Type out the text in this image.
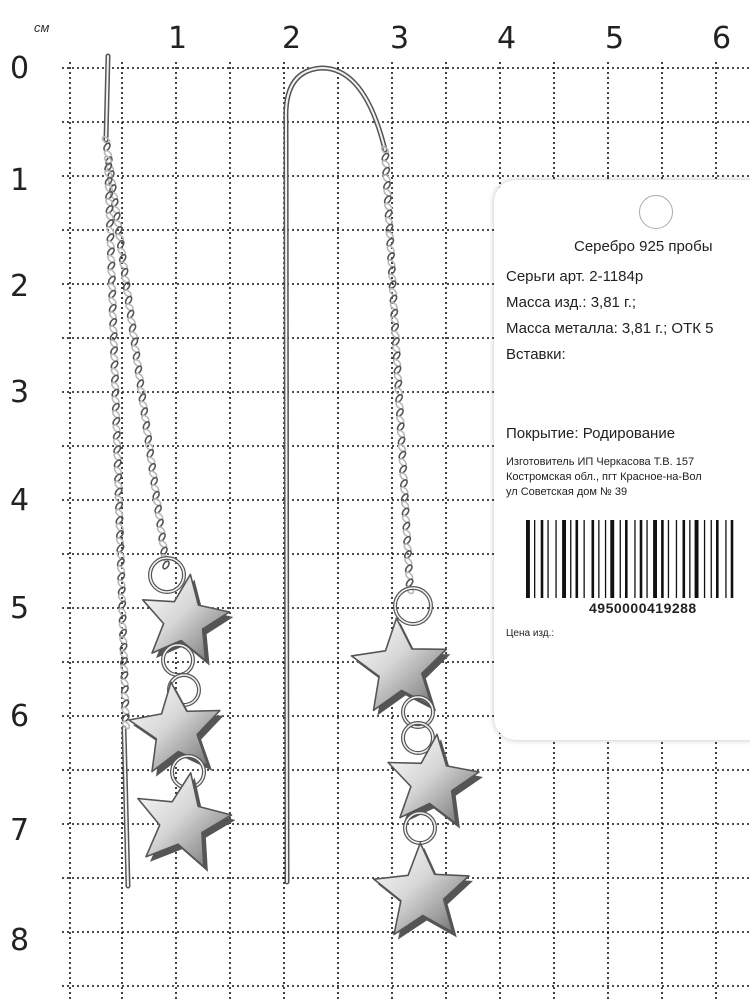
см	1	2	3	4	5	6
0
1
2
3
4
5
6
7
8
Серебро 925 пробы
Серьги арт. 2-1184р
Масса изд.: 3,81 г.;
Масса металла: 3,81 г.; ОТК 5
Вставки:
Покрытие: Родирование
Изготовитель ИП Черкасова Т.В. 157
Костромская обл., пгт Красное-на-Вол
ул Советская дом № 39
4950000419288
Цена изд.:
